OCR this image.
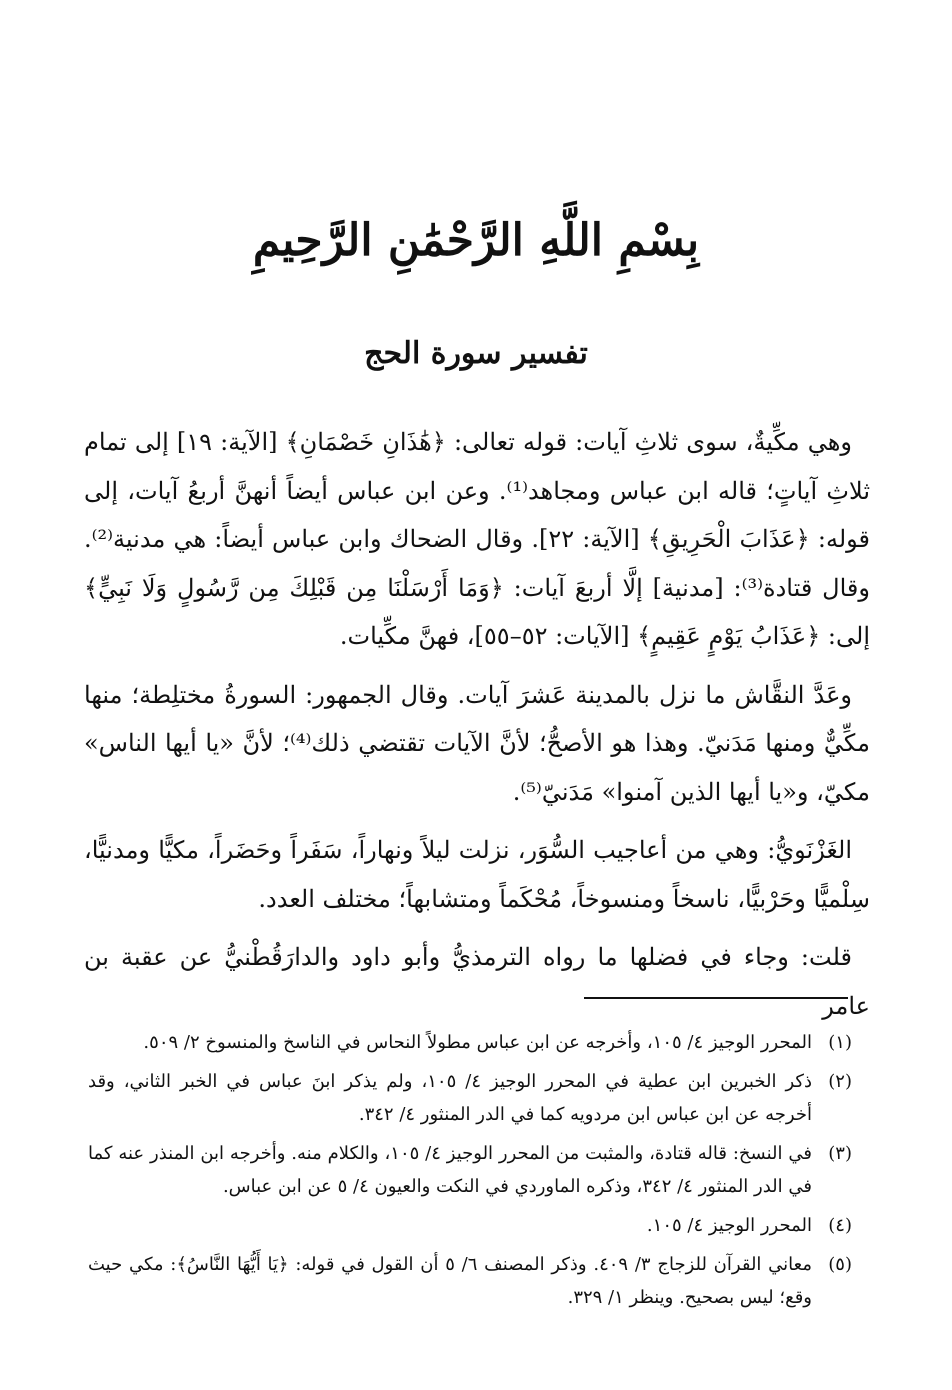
بِسْمِ اللَّهِ الرَّحْمَٰنِ الرَّحِيمِ
تفسير سورة الحج

وهي مكِّيةٌ، سوى ثلاثِ آيات: قوله تعالى: ﴿هَٰذَانِ خَصْمَانِ﴾ [الآية: ١٩] إلى تمام ثلاثِ آياتٍ؛ قاله ابن عباس ومجاهد⁽¹⁾. وعن ابن عباس أيضاً أنهنَّ أربعُ آيات، إلى قوله: ﴿عَذَابَ الْحَرِيقِ﴾ [الآية: ٢٢]. وقال الضحاك وابن عباس أيضاً: هي مدنية⁽²⁾. وقال قتادة⁽³⁾: [مدنية] إلَّا أربعَ آيات: ﴿وَمَا أَرْسَلْنَا مِن قَبْلِكَ مِن رَّسُولٍ وَلَا نَبِيٍّ﴾ إلى: ﴿عَذَابُ يَوْمٍ عَقِيمٍ﴾ [الآيات: ٥٢–٥٥]، فهنَّ مكِّيات.

وعَدَّ النقَّاش ما نزل بالمدينة عَشرَ آيات. وقال الجمهور: السورةُ مختلِطة؛ منها مكِّيٌّ ومنها مَدَنيّ. وهذا هو الأصحُّ؛ لأنَّ الآيات تقتضي ذلك⁽⁴⁾؛ لأنَّ «يا أيها الناس» مكيّ، و«يا أيها الذين آمنوا» مَدَنيّ⁽⁵⁾.

الغَزْنَويُّ: وهي من أعاجيب السُّوَر، نزلت ليلاً ونهاراً، سَفَراً وحَضَراً، مكيًّا ومدنيًّا، سِلْميًّا وحَرْبيًّا، ناسخاً ومنسوخاً، مُحْكَماً ومتشابهاً؛ مختلف العدد.

قلت: وجاء في فضلها ما رواه الترمذيُّ وأبو داود والدارَقُطْنيُّ عن عقبة بن عامر

(١)
المحرر الوجيز ٤/ ١٠٥، وأخرجه عن ابن عباس مطولاً النحاس في الناسخ والمنسوخ ٢/ ٥٠٩.
(٢)
ذكر الخبرين ابن عطية في المحرر الوجيز ٤/ ١٠٥، ولم يذكر ابنَ عباس في الخبر الثاني، وقد أخرجه عن ابن عباس ابن مردويه كما في الدر المنثور ٤/ ٣٤٢.
(٣)
في النسخ: قاله قتادة، والمثبت من المحرر الوجيز ٤/ ١٠٥، والكلام منه. وأخرجه ابن المنذر عنه كما في الدر المنثور ٤/ ٣٤٢، وذكره الماوردي في النكت والعيون ٤/ ٥ عن ابن عباس.
(٤)
المحرر الوجيز ٤/ ١٠٥.
(٥)
معاني القرآن للزجاج ٣/ ٤٠٩. وذكر المصنف ٦/ ٥ أن القول في قوله: ﴿يَا أَيُّهَا النَّاسُ﴾: مكي حيث وقع؛ ليس بصحيح. وينظر ١/ ٣٢٩.
